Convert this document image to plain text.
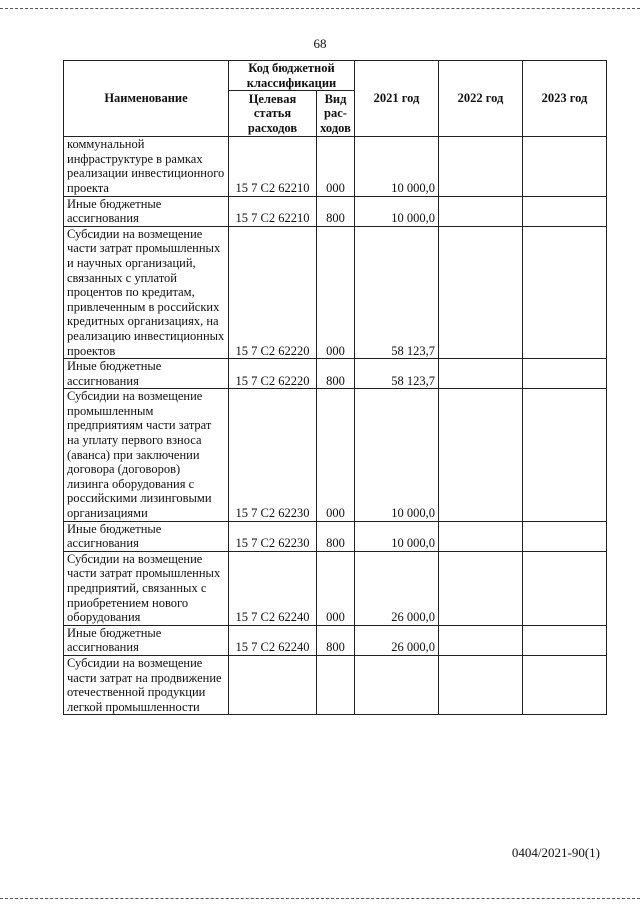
68
Наименование	Код бюджетной классификации		2021 год	2022 год	2023 год
	Целевая статья расходов	Вид рас-ходов			
коммунальной инфраструктуре в рамках реализации инвестиционного проекта	15 7 С2 62210	000	10 000,0		
Иные бюджетные ассигнования	15 7 С2 62210	800	10 000,0		
Субсидии на возмещение части затрат промышленных и научных организаций, связанных с уплатой процентов по кредитам, привлеченным в российских кредитных организациях, на реализацию инвестиционных проектов	15 7 С2 62220	000	58 123,7		
Иные бюджетные ассигнования	15 7 С2 62220	800	58 123,7		
Субсидии на возмещение промышленным предприятиям части затрат на уплату первого взноса (аванса) при заключении договора (договоров) лизинга оборудования с российскими лизинговыми организациями	15 7 С2 62230	000	10 000,0		
Иные бюджетные ассигнования	15 7 С2 62230	800	10 000,0		
Субсидии на возмещение части затрат промышленных предприятий, связанных с приобретением нового оборудования	15 7 С2 62240	000	26 000,0		
Иные бюджетные ассигнования	15 7 С2 62240	800	26 000,0		
Субсидии на возмещение части затрат на продвижение отечественной продукции легкой промышленности					
0404/2021-90(1)
